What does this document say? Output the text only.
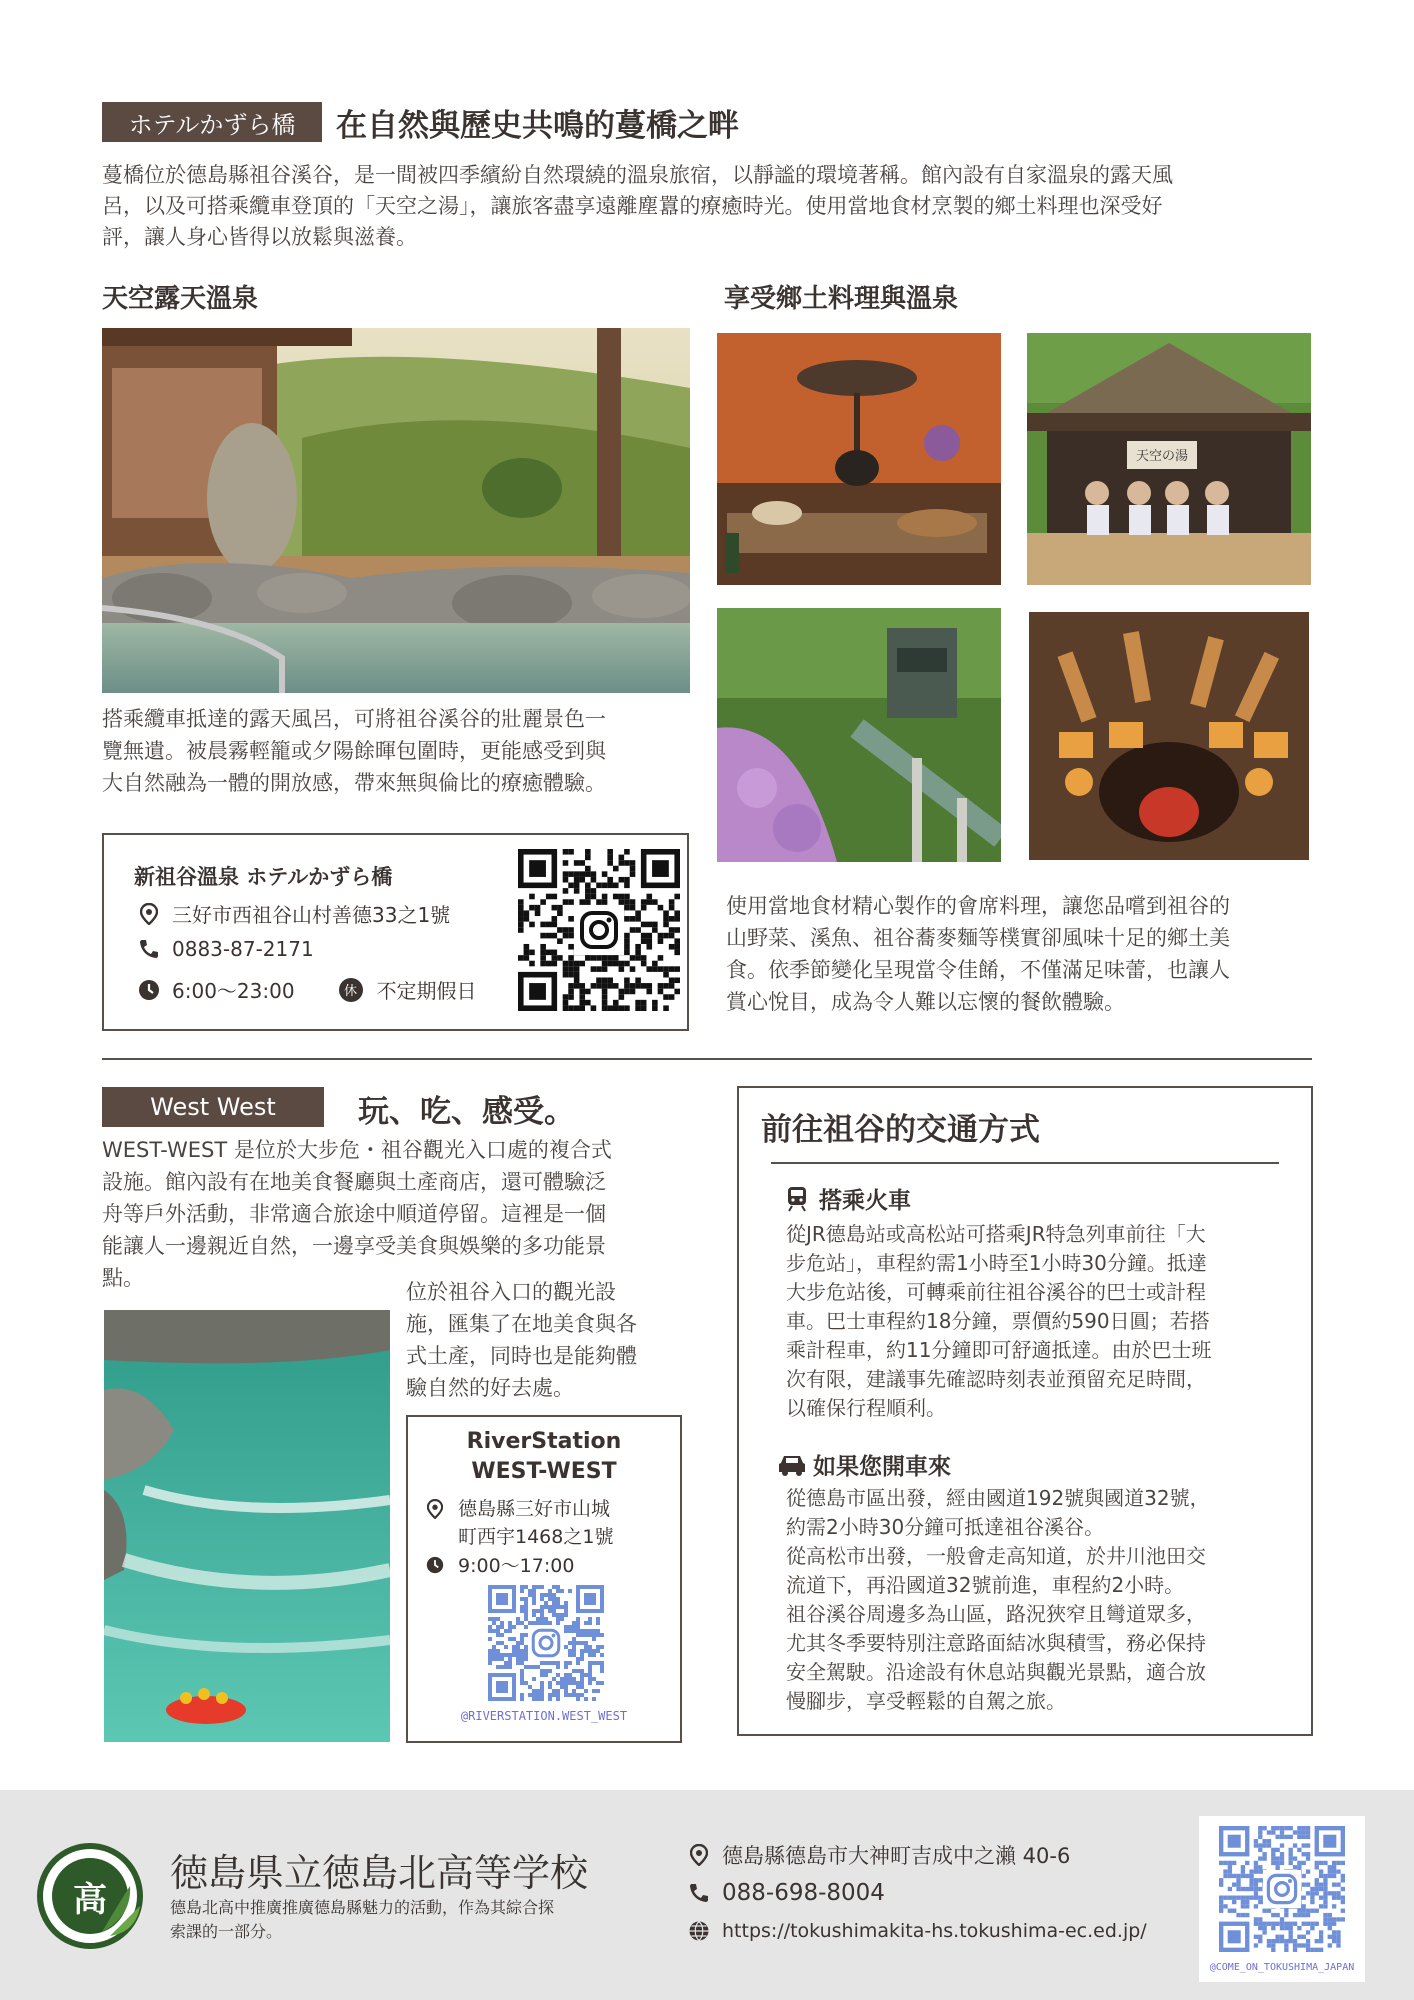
ホテルかずら橋	在自然與歷史共鳴的蔓橋之畔
蔓橋位於德島縣祖谷溪谷，是一間被四季繽紛自然環繞的溫泉旅宿，以靜謐的環境著稱。館內設有自家溫泉的露天風
呂，以及可搭乘纜車登頂的「天空之湯」，讓旅客盡享遠離塵囂的療癒時光。使用當地食材烹製的鄉土料理也深受好
評，讓人身心皆得以放鬆與滋養。
天空露天溫泉	享受鄉土料理與溫泉
搭乘纜車抵達的露天風呂，可將祖谷溪谷的壯麗景色一
覽無遺。被晨霧輕籠或夕陽餘暉包圍時，更能感受到與
大自然融為一體的開放感，帶來無與倫比的療癒體驗。
新祖谷溫泉 ホテルかずら橋
三好市西祖谷山村善德33之1號
0883-87-2171
6:00～23:00	休 不定期假日
天空の湯
使用當地食材精心製作的會席料理，讓您品嚐到祖谷的
山野菜、溪魚、祖谷蕎麥麵等樸實卻風味十足的鄉土美
食。依季節變化呈現當令佳餚，不僅滿足味蕾，也讓人
賞心悅目，成為令人難以忘懷的餐飲體驗。
West West	玩、吃、感受。
WEST-WEST 是位於大步危・祖谷觀光入口處的複合式
設施。館內設有在地美食餐廳與土產商店，還可體驗泛
舟等戶外活動，非常適合旅途中順道停留。這裡是一個
能讓人一邊親近自然，一邊享受美食與娛樂的多功能景
點。
位於祖谷入口的觀光設
施，匯集了在地美食與各
式土產，同時也是能夠體
驗自然的好去處。
RiverStation
WEST-WEST
德島縣三好市山城
町西宇1468之1號
9:00～17:00
@RIVERSTATION.WEST_WEST
前往祖谷的交通方式
搭乘火車
從JR德島站或高松站可搭乘JR特急列車前往「大
步危站」，車程約需1小時至1小時30分鐘。抵達
大步危站後，可轉乘前往祖谷溪谷的巴士或計程
車。巴士車程約18分鐘，票價約590日圓；若搭
乘計程車，約11分鐘即可舒適抵達。由於巴士班
次有限，建議事先確認時刻表並預留充足時間，
以確保行程順利。
如果您開車來
從德島市區出發，經由國道192號與國道32號，
約需2小時30分鐘可抵達祖谷溪谷。
從高松市出發，一般會走高知道，於井川池田交
流道下，再沿國道32號前進，車程約2小時。
祖谷溪谷周邊多為山區，路況狹窄且彎道眾多，
尤其冬季要特別注意路面結冰與積雪，務必保持
安全駕駛。沿途設有休息站與觀光景點，適合放
慢腳步，享受輕鬆的自駕之旅。
高
徳島県立徳島北高等学校
德島北高中推廣推廣德島縣魅力的活動，作為其綜合探
索課的一部分。
德島縣德島市大神町吉成中之瀨 40-6
088-698-8004
https://tokushimakita-hs.tokushima-ec.ed.jp/
@COME_ON_TOKUSHIMA_JAPAN
